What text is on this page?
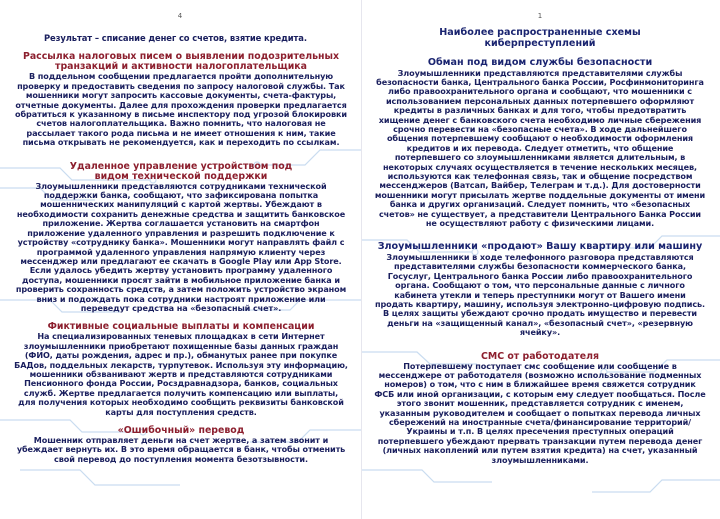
4

Результат – списание денег со счетов, взятие кредита.

Рассылка налоговых писем о выявлении подозрительных транзакций и активности налогоплательщика

В поддельном сообщении предлагается пройти дополнительную проверку и предоставить сведения по запросу налоговой службы. Так мошенники могут запросить кассовые документы, счета-фактуры, отчетные документы. Далее для прохождения проверки предлагается обратиться к указанному в письме инспектору под угрозой блокировки счетов налогоплательщика. Важно помнить, что налоговая не рассылает такого рода письма и не имеет отношения к ним, такие письма открывать не рекомендуется, как и переходить по ссылкам.

Удаленное управление устройством под видом технической поддержки

Злоумышленники представляются сотрудниками технической поддержки банка, сообщают, что зафиксирована попытка мошеннических манипуляций с картой жертвы. Убеждают в необходимости сохранить денежные средства и защитить банковское приложение. Жертва соглашается установить на смартфон приложение удаленного управления и разрешить подключение к устройству «сотруднику банка». Мошенники могут направлять файл с программой удаленного управления напрямую клиенту через мессенджер или предлагают ее скачать в Google Play или App Store. Если удалось убедить жертву установить программу удаленного доступа, мошенники просят зайти в мобильное приложение банка и проверить сохранность средств, а затем положить устройство экраном вниз и подождать пока сотрудники настроят приложение или переведут средства на «безопасный счет».

Фиктивные социальные выплаты и компенсации

На специализированных теневых площадках в сети Интернет злоумышленники приобретают похищенные базы данных граждан (ФИО, даты рождения, адрес и пр.), обманутых ранее при покупке БАДов, поддельных лекарств, турпутевок. Используя эту информацию, мошенники обзванивают жертв и представляются сотрудниками Пенсионного фонда России, Росздравнадзора, банков, социальных служб. Жертве предлагается получить компенсацию или выплаты, для получения которых необходимо сообщить реквизиты банковской карты для поступления средств.

«Ошибочный» перевод

Мошенник отправляет деньги на счет жертве, а затем звонит и убеждает вернуть их. В это время обращается в банк, чтобы отменить свой перевод до поступления момента безотзывности.

1

Наиболее распространенные схемы киберпреступлений

Обман под видом службы безопасности

Злоумышленники представляются представителями службы безопасности банка, Центрального банка России, Росфинмониторинга либо правоохранительного органа и сообщают, что мошенники с использованием персональных данных потерпевшего оформляют кредиты в различных банках и для того, чтобы предотвратить хищение денег с банковского счета необходимо личные сбережения срочно перевести на «безопасные счета». В ходе дальнейшего общения потерпевшему сообщают о необходимости оформления кредитов и их перевода. Следует отметить, что общение потерпевшего со злоумышленниками является длительным, в некоторых случаях осуществляется в течение нескольких месяцев, используются как телефонная связь, так и общение посредством мессенджеров (Ватсап, Вайбер, Телеграм и т.д.). Для достоверности мошенники могут присылать жертве поддельные документы от имени банка и других организаций. Следует помнить, что «безопасных счетов» не существует, а представители Центрального Банка России не осуществляют работу с физическими лицами.

Злоумышленники «продают» Вашу квартиру или машину

Злоумышленники в ходе телефонного разговора представляются представителями службы безопасности коммерческого банка, Госуслуг, Центрального банка России либо правоохранительного органа. Сообщают о том, что персональные данные с личного кабинета утекли и теперь преступники могут от Вашего имени продать квартиру, машину, используя электронно-цифровую подпись. В целях защиты убеждают срочно продать имущество и перевести деньги на «защищенный канал», «безопасный счет», «резервную ячейку».

СМС от работодателя

Потерпевшему поступает смс сообщение или сообщение в мессенджере от работодателя (возможно использование подменных номеров) о том, что с ним в ближайшее время свяжется сотрудник ФСБ или иной организации, с которым ему следует пообщаться. После этого звонит мошенник, представляется сотрудник с именем, указанным руководителем и сообщает о попытках перевода личных сбережений на иностранные счета/финансирование территорий/Украины и т.п. В целях пресечения преступных операций потерпевшего убеждают прервать транзакции путем перевода денег (личных накоплений или путем взятия кредита) на счет, указанный злоумышленниками.
